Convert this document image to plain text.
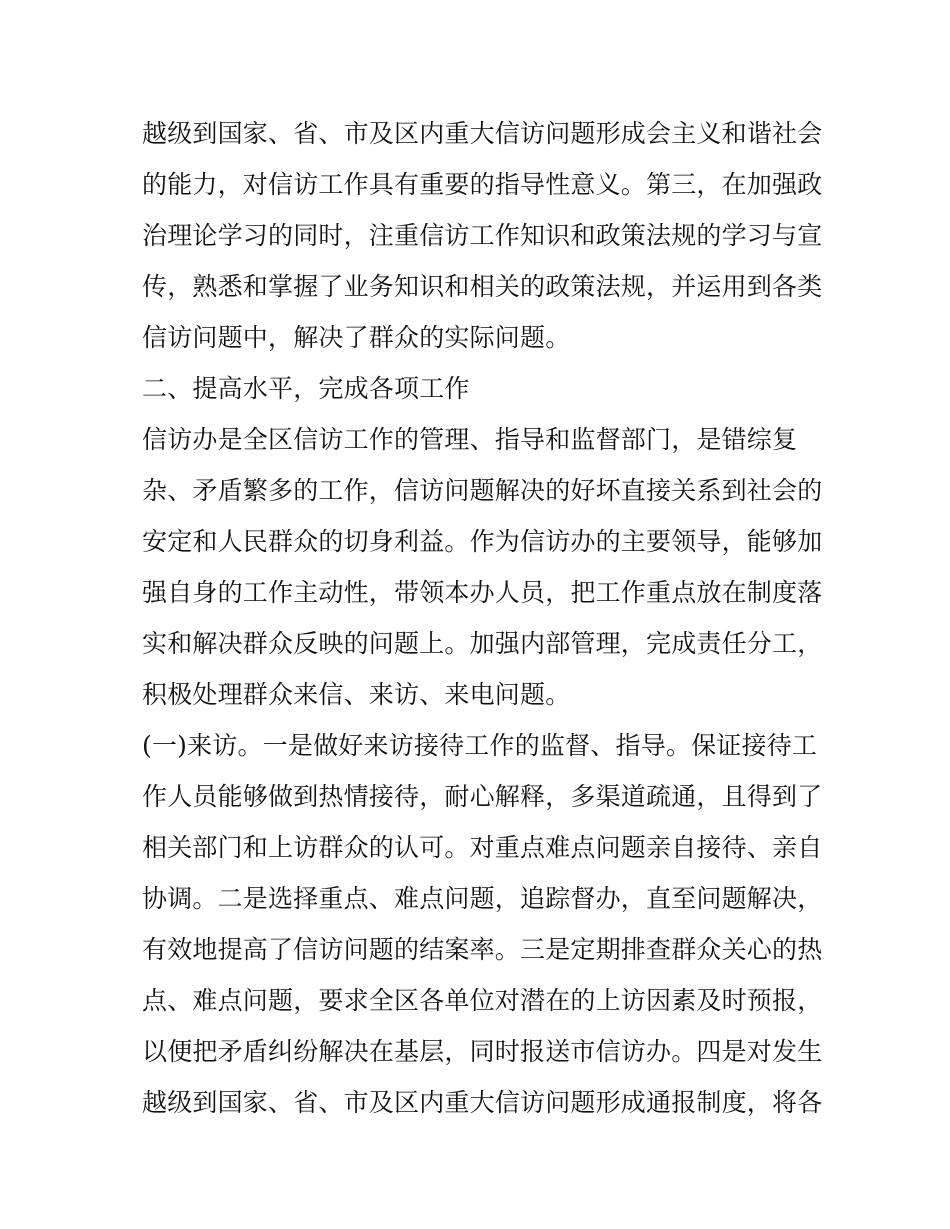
越级到国家、省、市及区内重大信访问题形成会主义和谐社会
的能力，对信访工作具有重要的指导性意义。第三，在加强政
治理论学习的同时，注重信访工作知识和政策法规的学习与宣
传，熟悉和掌握了业务知识和相关的政策法规，并运用到各类
信访问题中，解决了群众的实际问题。
二、提高水平，完成各项工作
信访办是全区信访工作的管理、指导和监督部门，是错综复
杂、矛盾繁多的工作，信访问题解决的好坏直接关系到社会的
安定和人民群众的切身利益。作为信访办的主要领导，能够加
强自身的工作主动性，带领本办人员，把工作重点放在制度落
实和解决群众反映的问题上。加强内部管理，完成责任分工，
积极处理群众来信、来访、来电问题。
(一)来访。一是做好来访接待工作的监督、指导。保证接待工
作人员能够做到热情接待，耐心解释，多渠道疏通，且得到了
相关部门和上访群众的认可。对重点难点问题亲自接待、亲自
协调。二是选择重点、难点问题，追踪督办，直至问题解决，
有效地提高了信访问题的结案率。三是定期排查群众关心的热
点、难点问题，要求全区各单位对潜在的上访因素及时预报，
以便把矛盾纠纷解决在基层，同时报送市信访办。四是对发生
越级到国家、省、市及区内重大信访问题形成通报制度，将各
